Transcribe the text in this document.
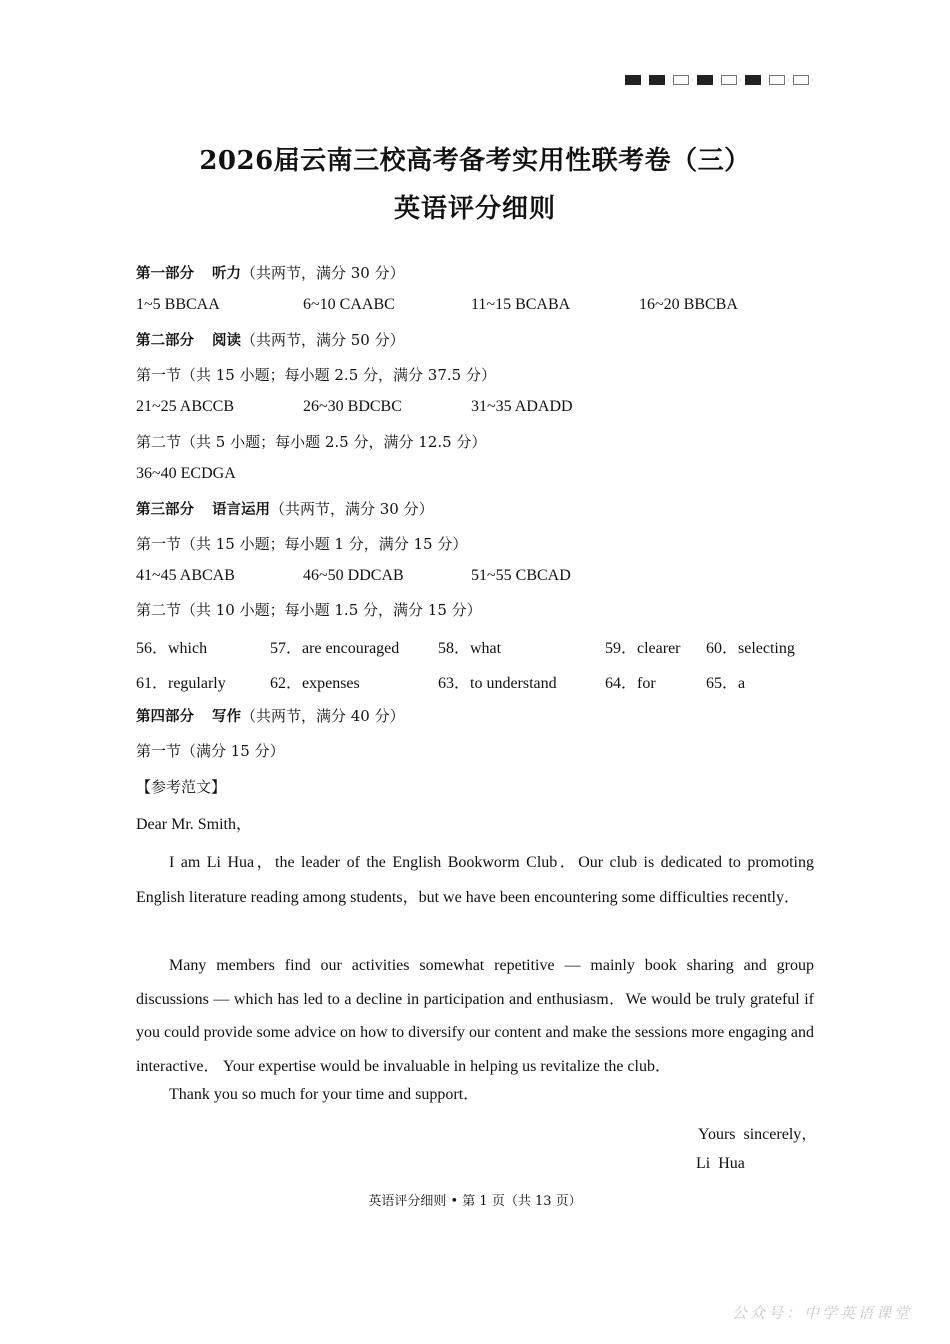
2026届云南三校高考备考实用性联考卷（三）
英语评分细则
第一部分 听力（共两节，满分 30 分）
1~5 BBCAA	6~10 CAABC	11~15 BCABA	16~20 BBCBA
第二部分 阅读（共两节，满分 50 分）
第一节（共 15 小题；每小题 2.5 分，满分 37.5 分）
21~25 ABCCB	26~30 BDCBC	31~35 ADADD
第二节（共 5 小题；每小题 2.5 分，满分 12.5 分）
36~40 ECDGA
第三部分 语言运用（共两节，满分 30 分）
第一节（共 15 小题；每小题 1 分，满分 15 分）
41~45 ABCAB	46~50 DDCAB	51~55 CBCAD
第二节（共 10 小题；每小题 1.5 分，满分 15 分）
56．which	57．are encouraged 58．what	59．clearer 60．selecting
61．regularly	62．expenses	63．to understand	64．for	65．a
第四部分 写作（共两节，满分 40 分）
第一节（满分 15 分）
【参考范文】
Dear Mr. Smith，
I am Li Hua，the leader of the English Bookworm Club．Our club is dedicated to promoting English literature reading among students，but we have been encountering some difficulties recently．
Many members find our activities somewhat repetitive — mainly book sharing and group discussions — which has led to a decline in participation and enthusiasm．We would be truly grateful if you could provide some advice on how to diversify our content and make the sessions more engaging and interactive． Your expertise would be invaluable in helping us revitalize the club．
Thank you so much for your time and support．
Yours sincerely，
Li Hua
英语评分细则 • 第 1 页（共 13 页）
公众号：中学英语课堂
